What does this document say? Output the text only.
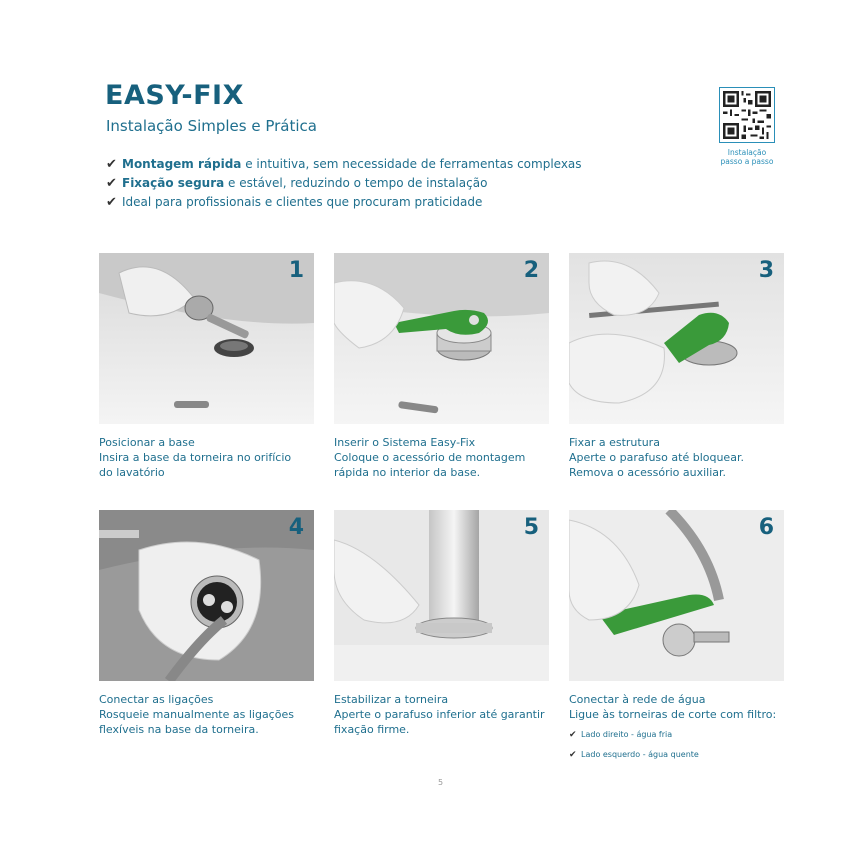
EASY-FIX
Instalação Simples e Prática
✔ Montagem rápida e intuitiva, sem necessidade de ferramentas complexas
✔ Fixação segura e estável, reduzindo o tempo de instalação
✔ Ideal para profissionais e clientes que procuram praticidade
Instalação
passo a passo
1
Posicionar a base
Insira a base da torneira no orifício
do lavatório
2
Inserir o Sistema Easy-Fix
Coloque o acessório de montagem
rápida no interior da base.
3
Fixar a estrutura
Aperte o parafuso até bloquear.
Remova o acessório auxiliar.
4
Conectar as ligações
Rosqueie manualmente as ligações
flexíveis na base da torneira.
5
Estabilizar a torneira
Aperte o parafuso inferior até garantir
fixação firme.
6
Conectar à rede de água
Ligue às torneiras de corte com filtro:
✔ Lado direito - água fria
✔ Lado esquerdo - água quente
5
